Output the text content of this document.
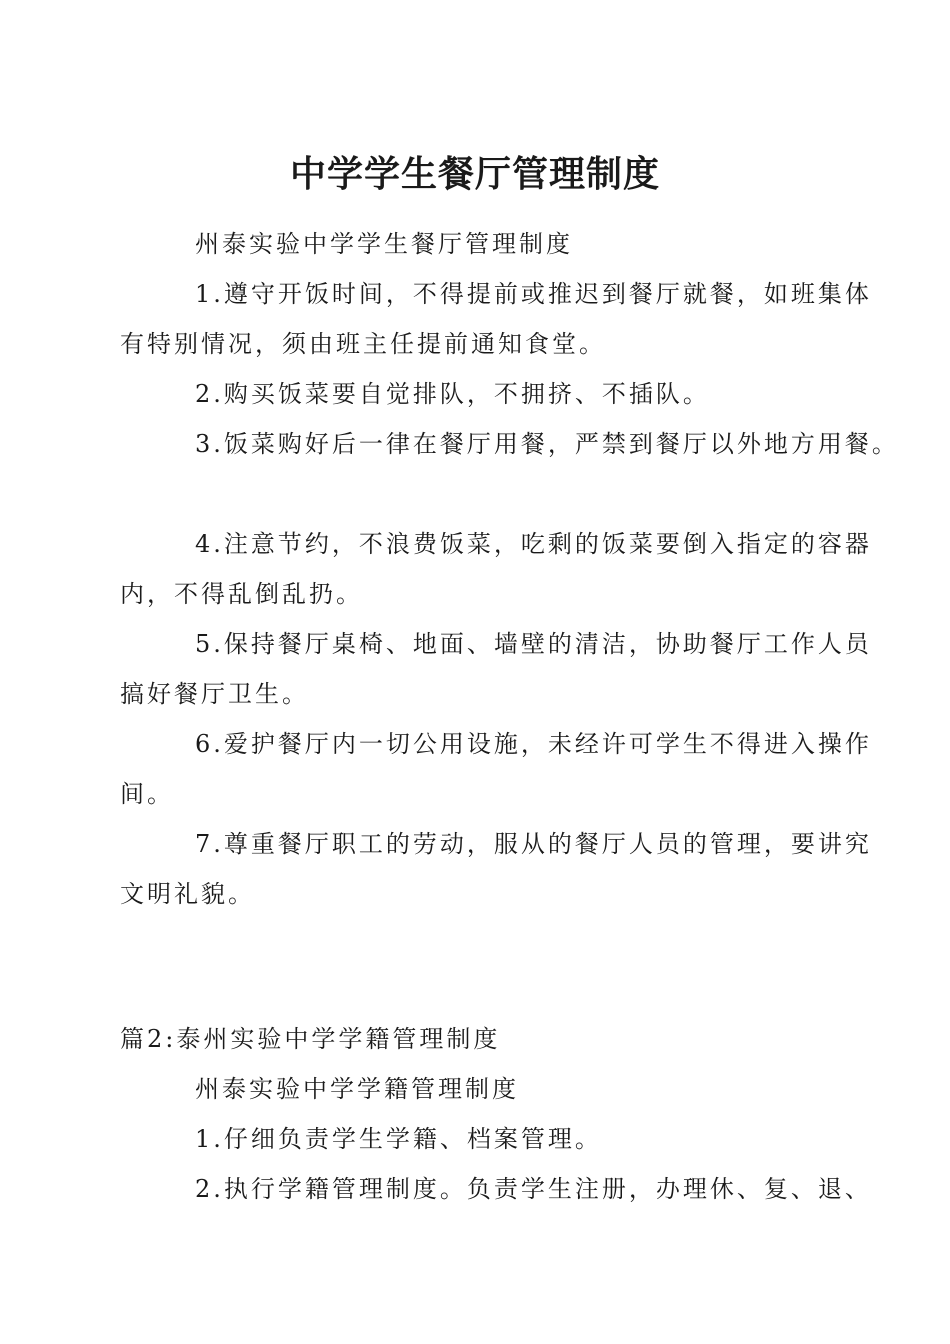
中学学生餐厅管理制度

州泰实验中学学生餐厅管理制度

1.遵守开饭时间，不得提前或推迟到餐厅就餐，如班集体

有特别情况，须由班主任提前通知食堂。

2.购买饭菜要自觉排队，不拥挤、不插队。

3.饭菜购好后一律在餐厅用餐，严禁到餐厅以外地方用餐。

4.注意节约，不浪费饭菜，吃剩的饭菜要倒入指定的容器

内，不得乱倒乱扔。

5.保持餐厅桌椅、地面、墙壁的清洁，协助餐厅工作人员

搞好餐厅卫生。

6.爱护餐厅内一切公用设施，未经许可学生不得进入操作

间。

7.尊重餐厅职工的劳动，服从的餐厅人员的管理，要讲究

文明礼貌。

篇2:泰州实验中学学籍管理制度

州泰实验中学学籍管理制度

1.仔细负责学生学籍、档案管理。

2.执行学籍管理制度。负责学生注册，办理休、复、退、
